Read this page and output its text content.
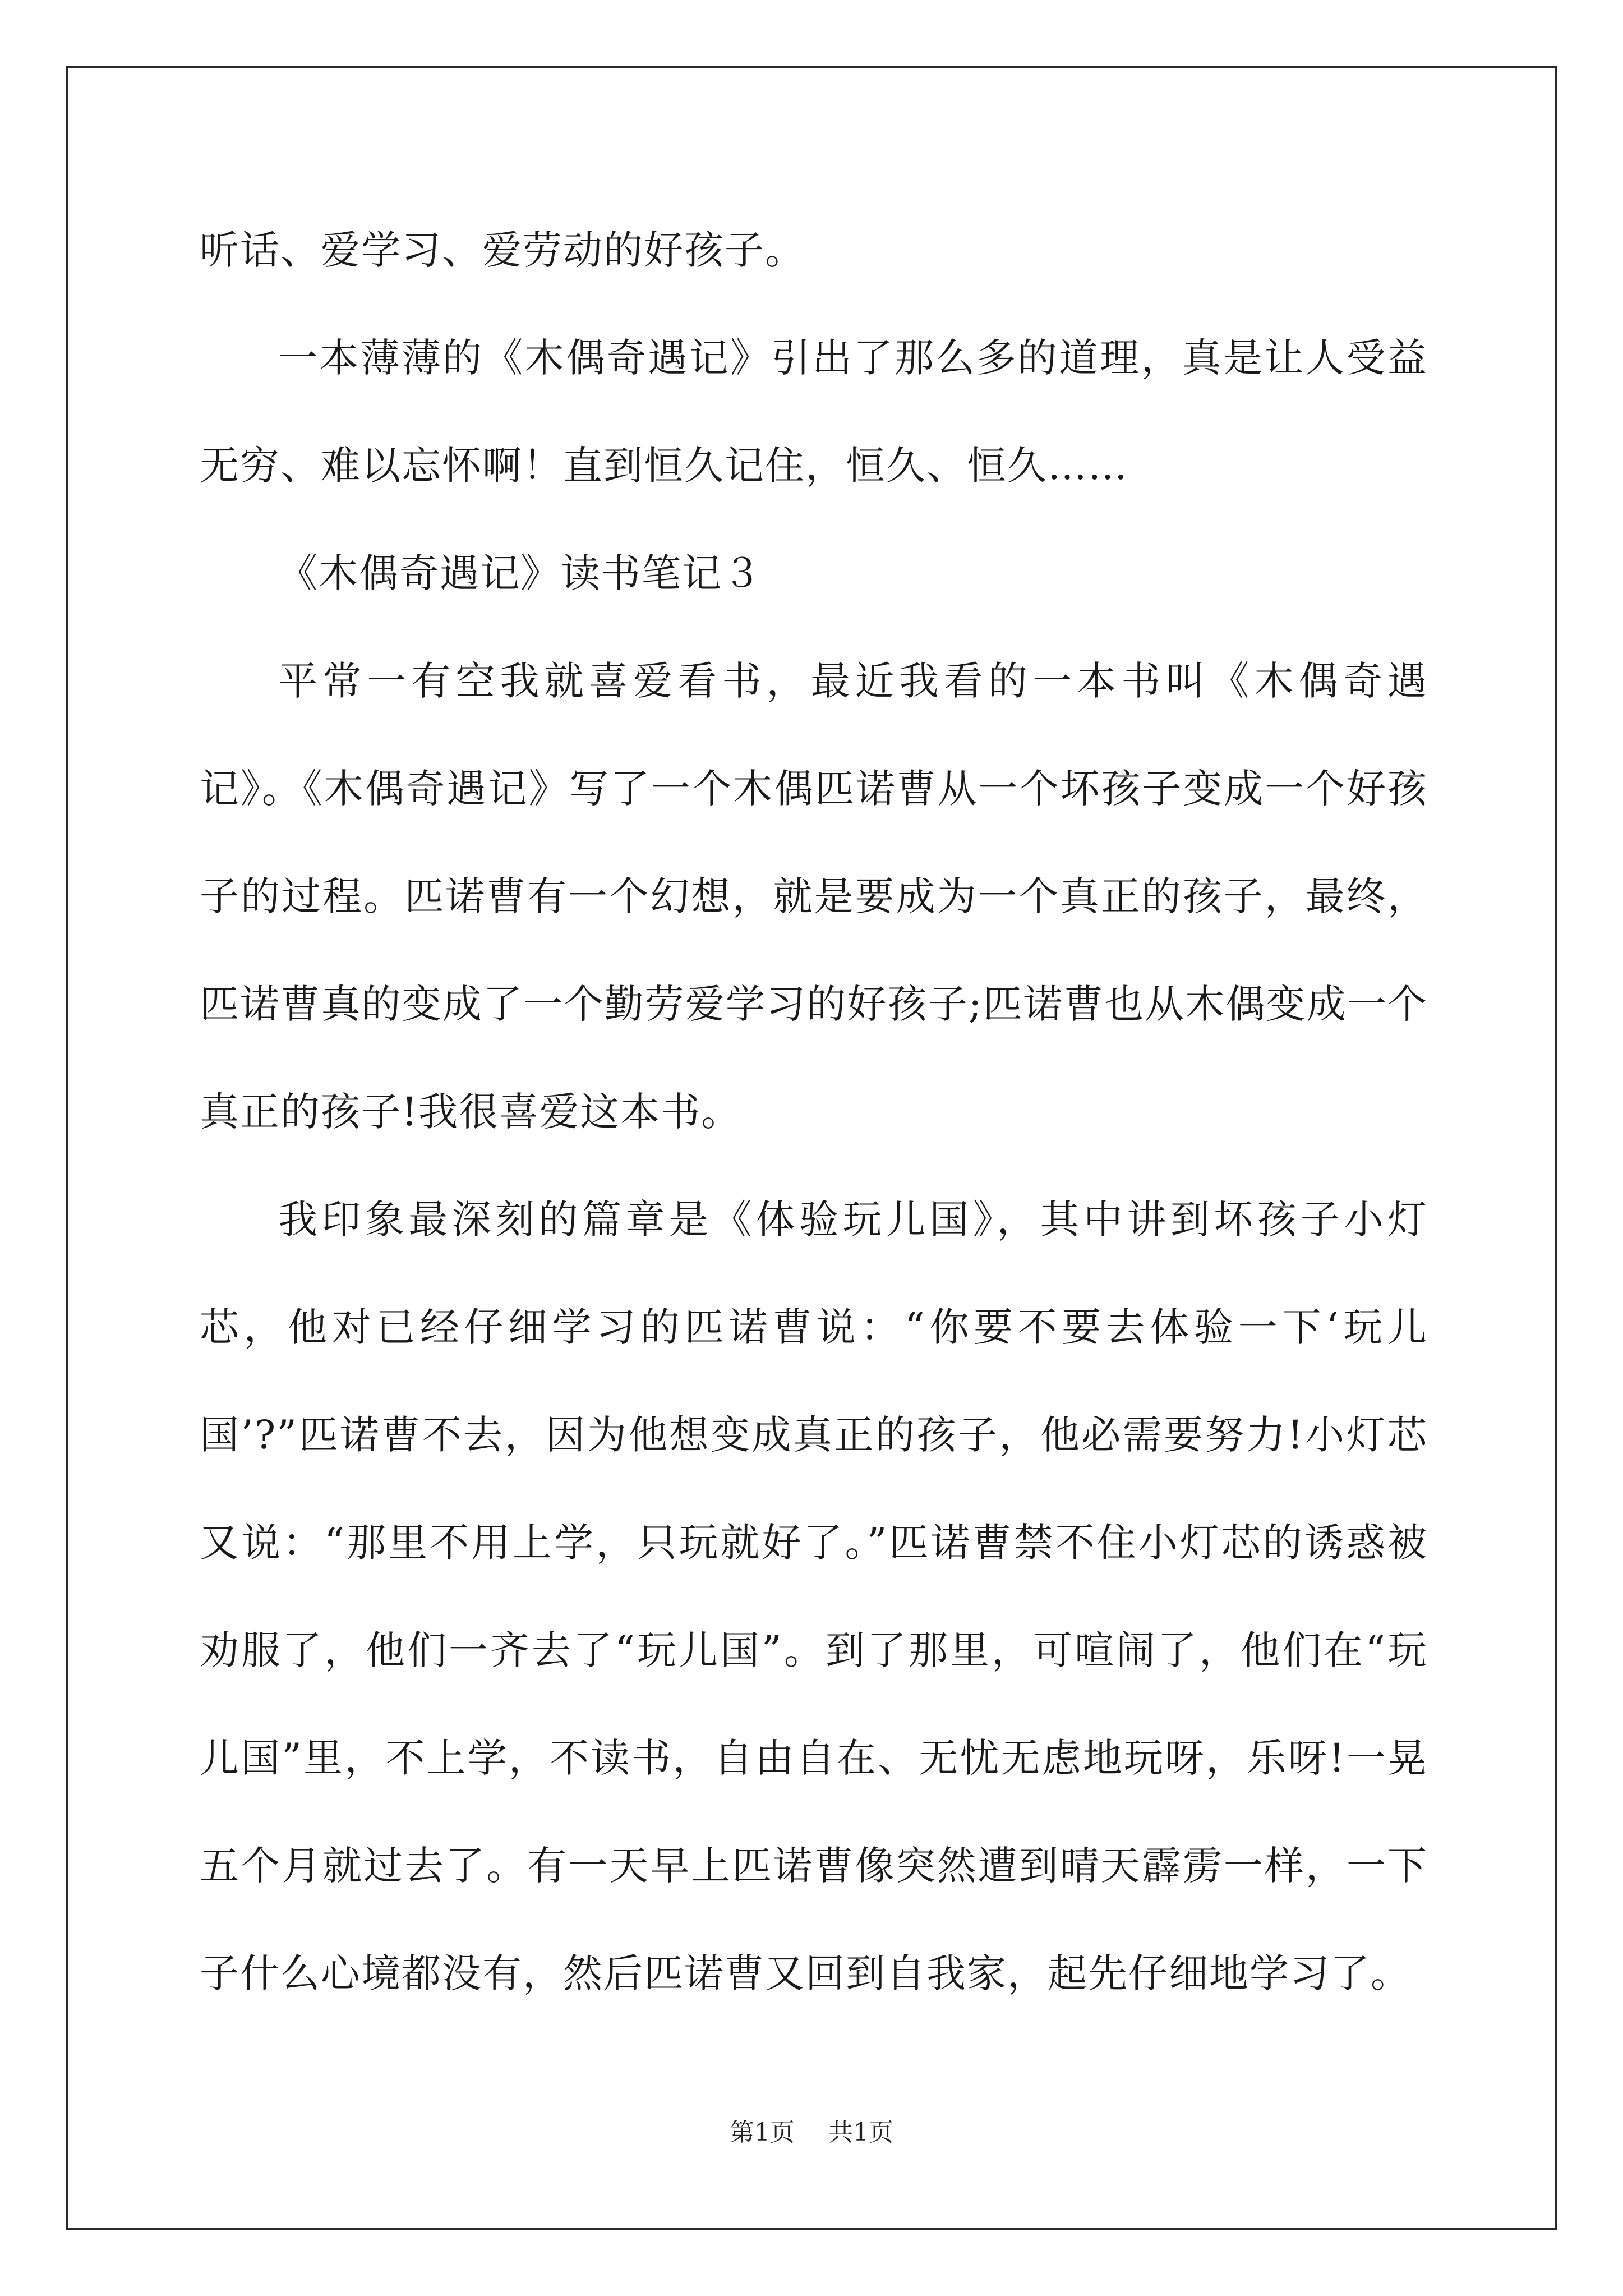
听话、爱学习、爱劳动的好孩子。

一本薄薄的《木偶奇遇记》引出了那么多的道理，真是让人受益无穷、难以忘怀啊！直到恒久记住，恒久、恒久……

《木偶奇遇记》读书笔记３

平常一有空我就喜爱看书，最近我看的一本书叫《木偶奇遇记》。《木偶奇遇记》写了一个木偶匹诺曹从一个坏孩子变成一个好孩子的过程。匹诺曹有一个幻想，就是要成为一个真正的孩子，最终，匹诺曹真的变成了一个勤劳爱学习的好孩子;匹诺曹也从木偶变成一个真正的孩子!我很喜爱这本书。

我印象最深刻的篇章是《体验玩儿国》，其中讲到坏孩子小灯芯，他对已经仔细学习的匹诺曹说：“你要不要去体验一下‘玩儿国’?”匹诺曹不去，因为他想变成真正的孩子，他必需要努力!小灯芯又说：“那里不用上学，只玩就好了。”匹诺曹禁不住小灯芯的诱惑被劝服了，他们一齐去了“玩儿国”。到了那里，可喧闹了，他们在“玩儿国”里，不上学，不读书，自由自在、无忧无虑地玩呀，乐呀!一晃五个月就过去了。有一天早上匹诺曹像突然遭到晴天霹雳一样，一下子什么心境都没有，然后匹诺曹又回到自我家，起先仔细地学习了。

第1页 共1页
